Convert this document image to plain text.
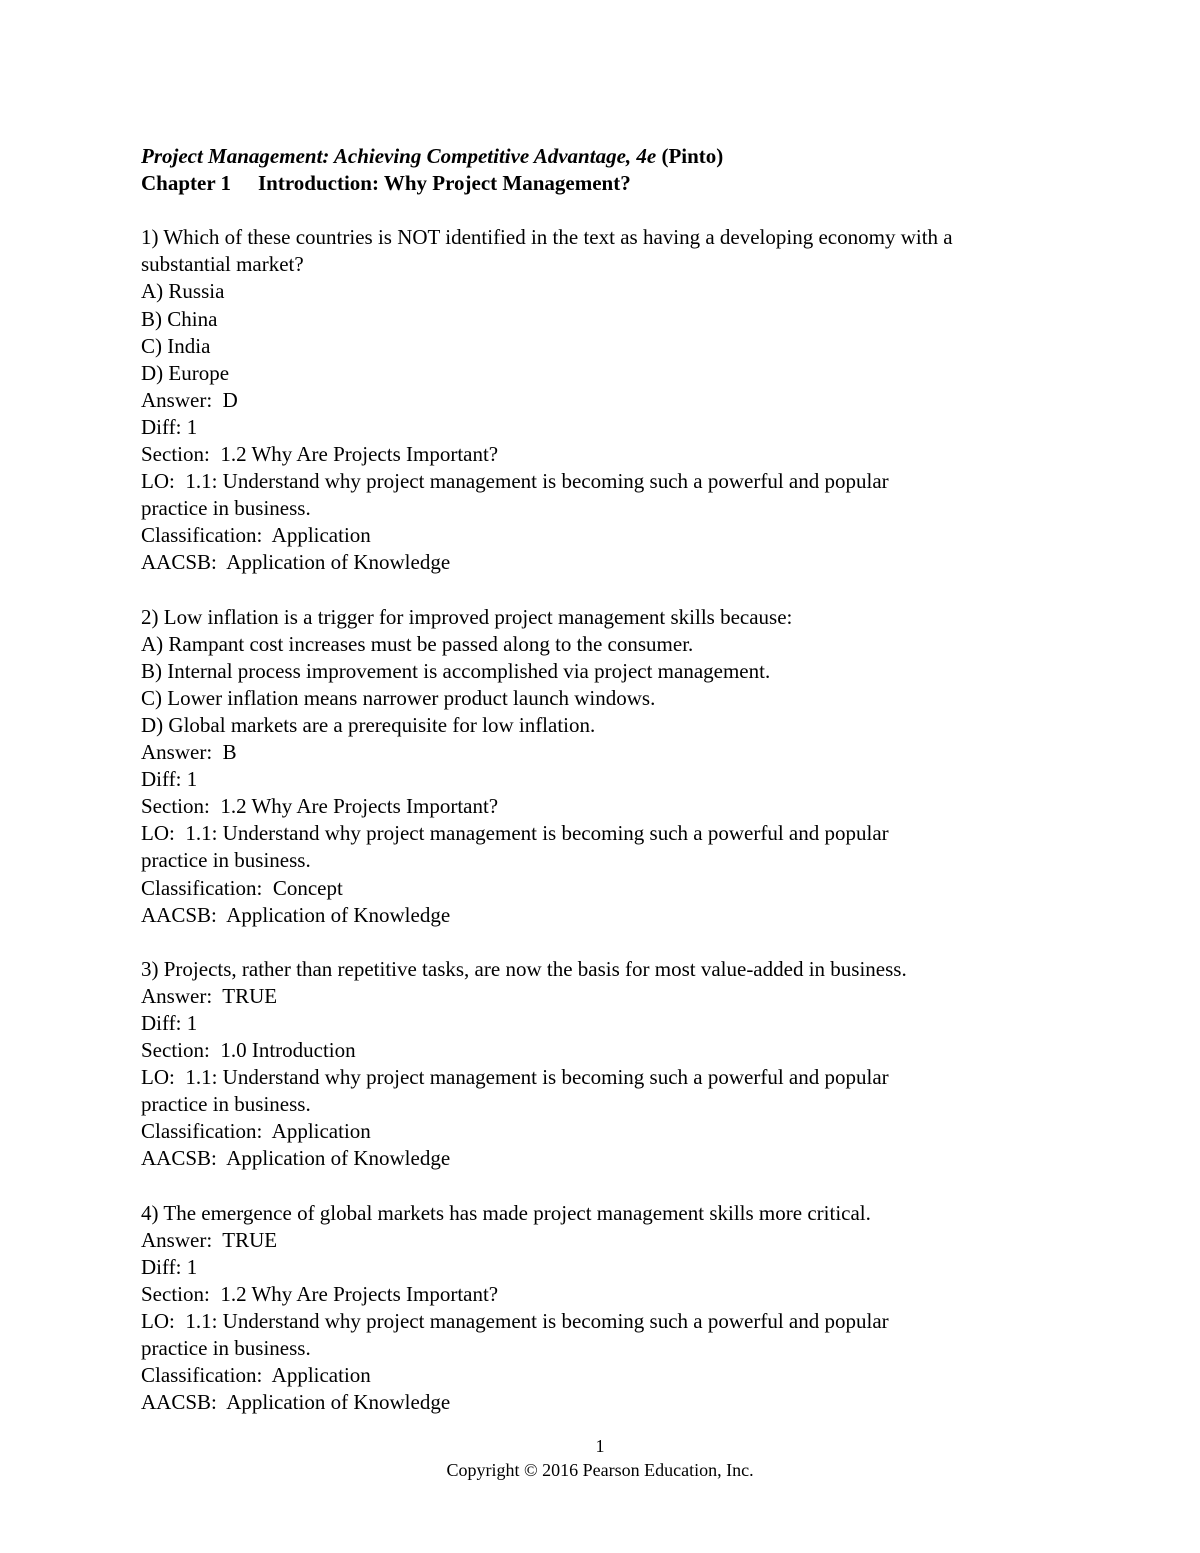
Project Management: Achieving Competitive Advantage, 4e (Pinto)
Chapter 1 Introduction: Why Project Management?
1) Which of these countries is NOT identified in the text as having a developing economy with a
substantial market?
A) Russia
B) China
C) India
D) Europe
Answer:  D
Diff: 1
Section:  1.2 Why Are Projects Important?
LO:  1.1: Understand why project management is becoming such a powerful and popular
practice in business.
Classification:  Application
AACSB:  Application of Knowledge
2) Low inflation is a trigger for improved project management skills because:
A) Rampant cost increases must be passed along to the consumer.
B) Internal process improvement is accomplished via project management.
C) Lower inflation means narrower product launch windows.
D) Global markets are a prerequisite for low inflation.
Answer:  B
Diff: 1
Section:  1.2 Why Are Projects Important?
LO:  1.1: Understand why project management is becoming such a powerful and popular
practice in business.
Classification:  Concept
AACSB:  Application of Knowledge
3) Projects, rather than repetitive tasks, are now the basis for most value-added in business.
Answer:  TRUE
Diff: 1
Section:  1.0 Introduction
LO:  1.1: Understand why project management is becoming such a powerful and popular
practice in business.
Classification:  Application
AACSB:  Application of Knowledge
4) The emergence of global markets has made project management skills more critical.
Answer:  TRUE
Diff: 1
Section:  1.2 Why Are Projects Important?
LO:  1.1: Understand why project management is becoming such a powerful and popular
practice in business.
Classification:  Application
AACSB:  Application of Knowledge
1
Copyright © 2016 Pearson Education, Inc.
